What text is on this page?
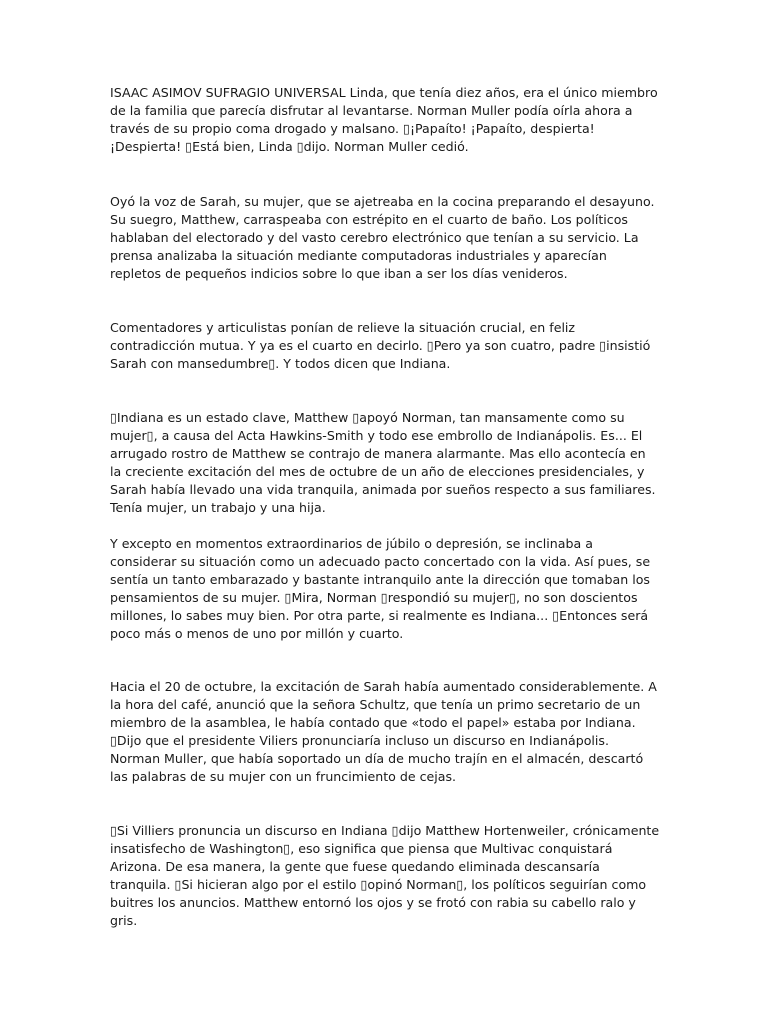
ISAAC ASIMOV SUFRAGIO UNIVERSAL Linda, que tenía diez años, era el único miembro de la familia que parecía disfrutar al levantarse. Norman Muller podía oírla ahora a través de su propio coma drogado y malsano. ▯¡Papaíto! ¡Papaíto, despierta! ¡Despierta! ▯Está bien, Linda ▯dijo. Norman Muller cedió.

Oyó la voz de Sarah, su mujer, que se ajetreaba en la cocina preparando el desayuno. Su suegro, Matthew, carraspeaba con estrépito en el cuarto de baño. Los políticos hablaban del electorado y del vasto cerebro electrónico que tenían a su servicio. La prensa analizaba la situación mediante computadoras industriales y aparecían repletos de pequeños indicios sobre lo que iban a ser los días venideros.

Comentadores y articulistas ponían de relieve la situación crucial, en feliz contradicción mutua. Y ya es el cuarto en decirlo. ▯Pero ya son cuatro, padre ▯insistió Sarah con mansedumbre▯. Y todos dicen que Indiana.

▯Indiana es un estado clave, Matthew ▯apoyó Norman, tan mansamente como su mujer▯, a causa del Acta Hawkins-Smith y todo ese embrollo de Indianápolis. Es... El arrugado rostro de Matthew se contrajo de manera alarmante. Mas ello acontecía en la creciente excitación del mes de octubre de un año de elecciones presidenciales, y Sarah había llevado una vida tranquila, animada por sueños respecto a sus familiares. Tenía mujer, un trabajo y una hija.

Y excepto en momentos extraordinarios de júbilo o depresión, se inclinaba a considerar su situación como un adecuado pacto concertado con la vida. Así pues, se sentía un tanto embarazado y bastante intranquilo ante la dirección que tomaban los pensamientos de su mujer. ▯Mira, Norman ▯respondió su mujer▯, no son doscientos millones, lo sabes muy bien. Por otra parte, si realmente es Indiana... ▯Entonces será poco más o menos de uno por millón y cuarto.

Hacia el 20 de octubre, la excitación de Sarah había aumentado considerablemente. A la hora del café, anunció que la señora Schultz, que tenía un primo secretario de un miembro de la asamblea, le había contado que «todo el papel» estaba por Indiana. ▯Dijo que el presidente Viliers pronunciaría incluso un discurso en Indianápolis. Norman Muller, que había soportado un día de mucho trajín en el almacén, descartó las palabras de su mujer con un fruncimiento de cejas.

▯Si Villiers pronuncia un discurso en Indiana ▯dijo Matthew Hortenweiler, crónicamente insatisfecho de Washington▯, eso significa que piensa que Multivac conquistará Arizona. De esa manera, la gente que fuese quedando eliminada descansaría tranquila. ▯Si hicieran algo por el estilo ▯opinó Norman▯, los políticos seguirían como buitres los anuncios. Matthew entornó los ojos y se frotó con rabia su cabello ralo y gris.
